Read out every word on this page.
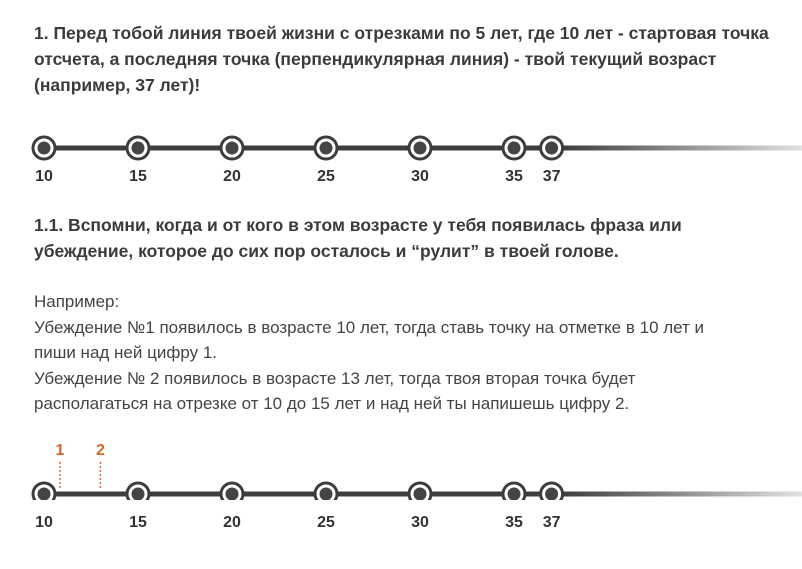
1. Перед тобой линия твоей жизни с отрезками по 5 лет, где 10 лет - стартовая точка отсчета, а последняя точка (перпендикулярная линия) - твой текущий возраст (например, 37 лет)!

10	15	20	25	30	35 37

1.1. Вспомни, когда и от кого в этом возрасте у тебя появилась фраза или убеждение, которое до сих пор осталось и “рулит” в твоей голове.

Например:
Убеждение №1 появилось в возрасте 10 лет, тогда ставь точку на отметке в 10 лет и
пиши над ней цифру 1.
Убеждение № 2 появилось в возрасте 13 лет, тогда твоя вторая точка будет
располагаться на отрезке от 10 до 15 лет и над ней ты напишешь цифру 2.
10	15	20	25	30	35 37
1 2
